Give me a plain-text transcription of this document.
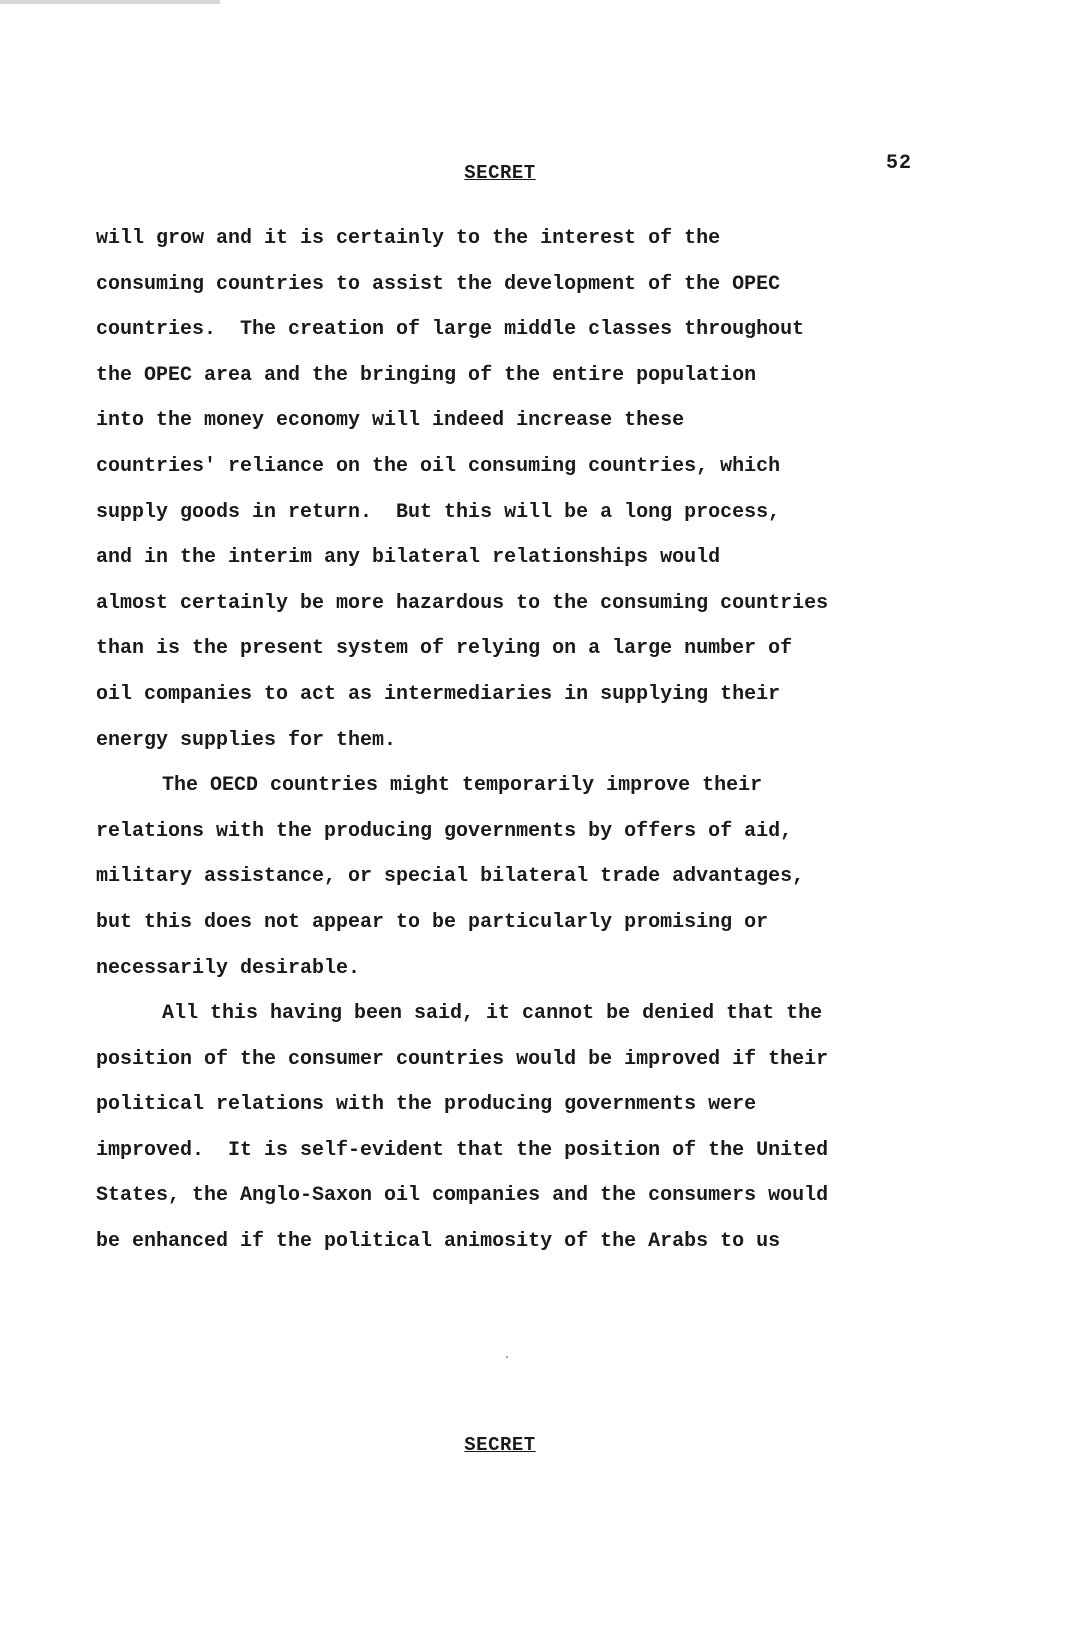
SECRET	52
will grow and it is certainly to the interest of the
consuming countries to assist the development of the OPEC
countries.  The creation of large middle classes throughout
the OPEC area and the bringing of the entire population
into the money economy will indeed increase these
countries' reliance on the oil consuming countries, which
supply goods in return.  But this will be a long process,
and in the interim any bilateral relationships would
almost certainly be more hazardous to the consuming countries
than is the present system of relying on a large number of
oil companies to act as intermediaries in supplying their
energy supplies for them.
The OECD countries might temporarily improve their
relations with the producing governments by offers of aid,
military assistance, or special bilateral trade advantages,
but this does not appear to be particularly promising or
necessarily desirable.
All this having been said, it cannot be denied that the
position of the consumer countries would be improved if their
political relations with the producing governments were
improved.  It is self-evident that the position of the United
States, the Anglo-Saxon oil companies and the consumers would
be enhanced if the political animosity of the Arabs to us
SECRET
